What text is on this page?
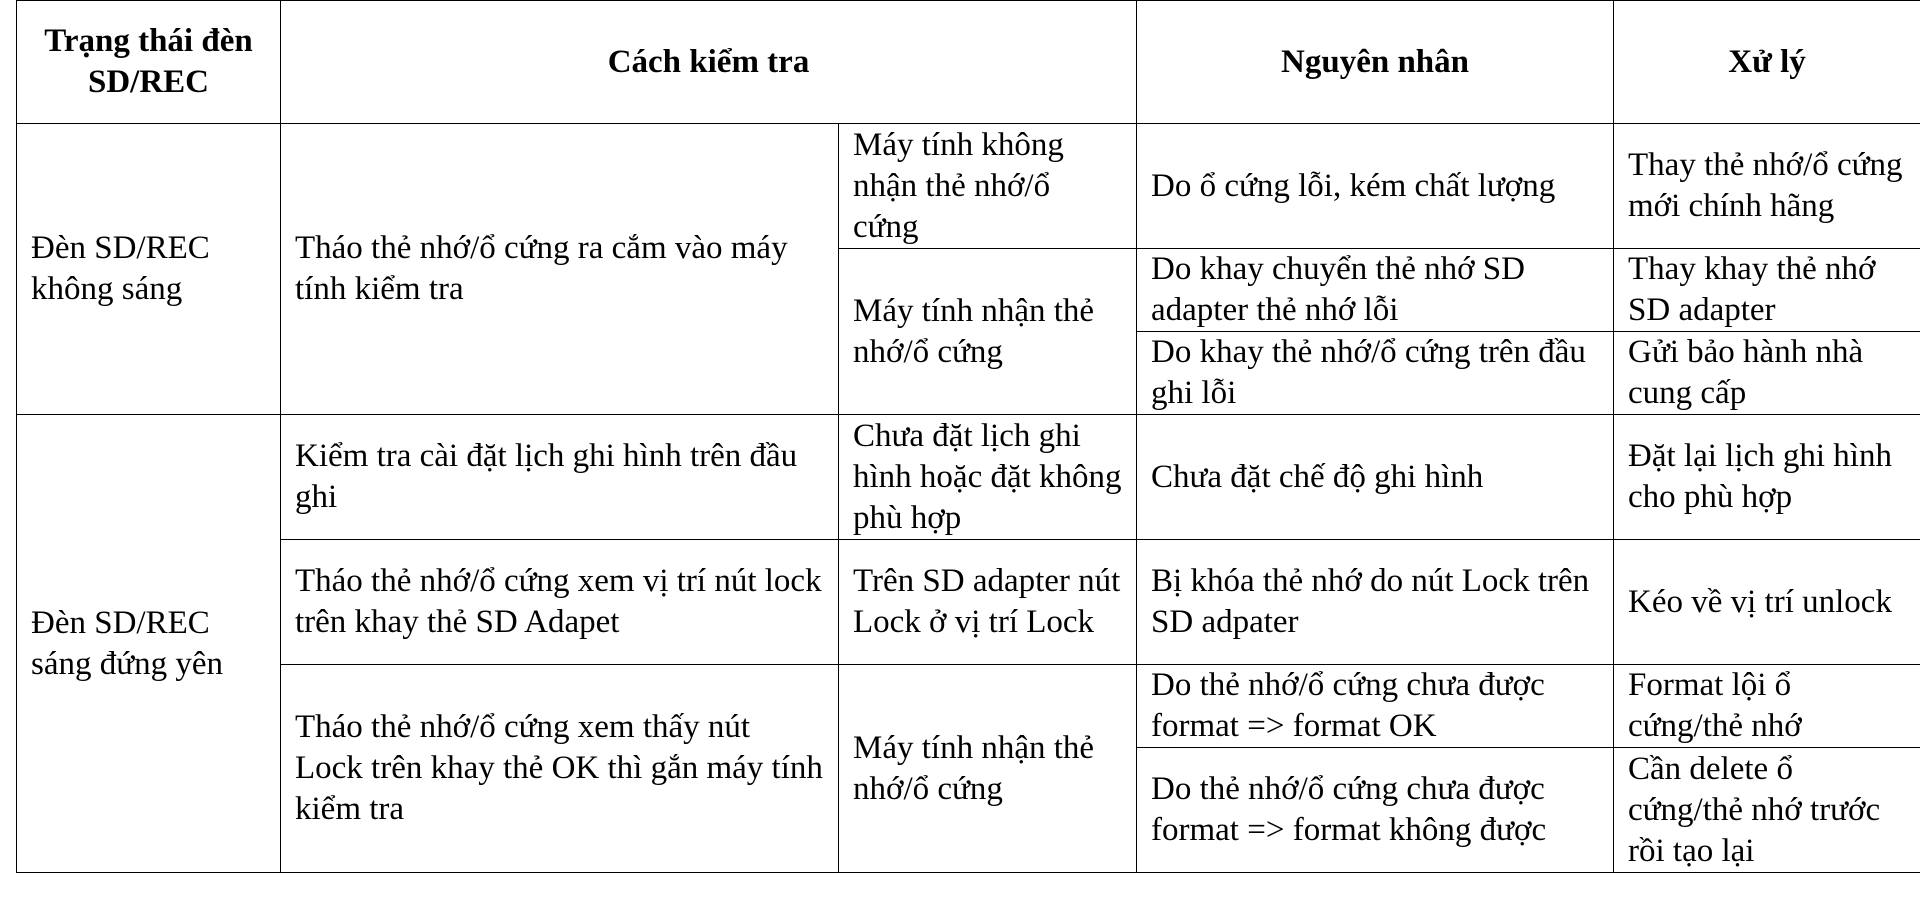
Trạng thái đèn SD/REC	Cách kiểm tra		Nguyên nhân	Xử lý
Đèn SD/REC không sáng	Tháo thẻ nhớ/ổ cứng ra cắm vào máy tính kiểm tra	Máy tính không nhận thẻ nhớ/ổ cứng	Do ổ cứng lỗi, kém chất lượng	Thay thẻ nhớ/ổ cứng mới chính hãng
		Máy tính nhận thẻ nhớ/ổ cứng	Do khay chuyển thẻ nhớ SD adapter thẻ nhớ lỗi	Thay khay thẻ nhớ SD adapter
			Do khay thẻ nhớ/ổ cứng trên đầu ghi lỗi	Gửi bảo hành nhà cung cấp
Đèn SD/REC sáng đứng yên	Kiểm tra cài đặt lịch ghi hình trên đầu ghi	Chưa đặt lịch ghi hình hoặc đặt không phù hợp	Chưa đặt chế độ ghi hình	Đặt lại lịch ghi hình cho phù hợp
	Tháo thẻ nhớ/ổ cứng xem vị trí nút lock trên khay thẻ SD Adapet	Trên SD adapter nút Lock ở vị trí Lock	Bị khóa thẻ nhớ do nút Lock trên SD adpater	Kéo về vị trí unlock
	Tháo thẻ nhớ/ổ cứng xem thấy nút Lock trên khay thẻ OK thì gắn máy tính kiểm tra	Máy tính nhận thẻ nhớ/ổ cứng	Do thẻ nhớ/ổ cứng chưa được format => format OK	Format lội ổ cứng/thẻ nhớ
			Do thẻ nhớ/ổ cứng chưa được format => format không được	Cần delete ổ cứng/thẻ nhớ trước rồi tạo lại
